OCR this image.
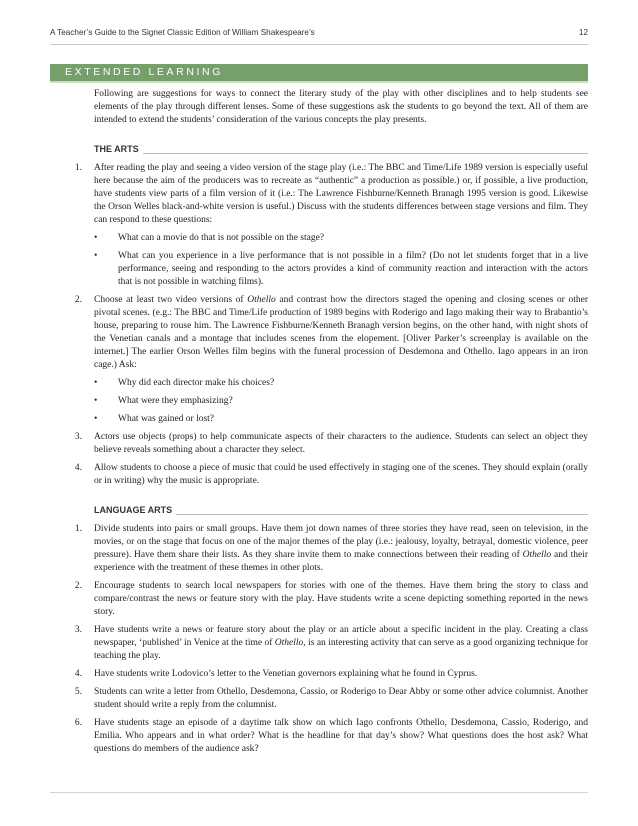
A Teacher’s Guide to the Signet Classic Edition of William Shakespeare’s	12
EXTENDED LEARNING

Following are suggestions for ways to connect the literary study of the play with other disciplines and to help students see elements of the play through different lenses. Some of these suggestions ask the students to go beyond the text. All of them are intended to extend the students’ consideration of the various concepts the play presents.

THE ARTS
1.	After reading the play and seeing a video version of the stage play (i.e.: The BBC and Time/Life 1989 version is especially useful here because the aim of the producers was to recreate as “authentic” a production as possible.) or, if possible, a live production, have students view parts of a film version of it (i.e.: The Lawrence Fishburne/Kenneth Branagh 1995 version is good. Likewise the Orson Welles black-and-white version is useful.) Discuss with the students differences between stage versions and film. They can respond to these questions:
•	What can a movie do that is not possible on the stage?
•	What can you experience in a live performance that is not possible in a film? (Do not let students forget that in a live performance, seeing and responding to the actors provides a kind of community reaction and interaction with the actors that is not possible in watching films).
2.	Choose at least two video versions of Othello and contrast how the directors staged the opening and closing scenes or other pivotal scenes. (e.g.: The BBC and Time/Life production of 1989 begins with Roderigo and Iago making their way to Brabantio’s house, preparing to rouse him. The Lawrence Fishburne/Kenneth Branagh version begins, on the other hand, with night shots of the Venetian canals and a montage that includes scenes from the elopement. [Oliver Parker’s screenplay is available on the internet.] The earlier Orson Welles film begins with the funeral procession of Desdemona and Othello. Iago appears in an iron cage.) Ask:
•	Why did each director make his choices?
•	What were they emphasizing?
•	What was gained or lost?
3.	Actors use objects (props) to help communicate aspects of their characters to the audience. Students can select an object they believe reveals something about a character they select.
4.	Allow students to choose a piece of music that could be used effectively in staging one of the scenes. They should explain (orally or in writing) why the music is appropriate.
LANGUAGE ARTS
1.	Divide students into pairs or small groups. Have them jot down names of three stories they have read, seen on television, in the movies, or on the stage that focus on one of the major themes of the play (i.e.: jealousy, loyalty, betrayal, domestic violence, peer pressure). Have them share their lists. As they share invite them to make connections between their reading of Othello and their experience with the treatment of these themes in other plots.
2.	Encourage students to search local newspapers for stories with one of the themes. Have them bring the story to class and compare/contrast the news or feature story with the play. Have students write a scene depicting something reported in the news story.
3.	Have students write a news or feature story about the play or an article about a specific incident in the play. Creating a class newspaper, ‘published’ in Venice at the time of Othello, is an interesting activity that can serve as a good organizing technique for teaching the play.
4.	Have students write Lodovico’s letter to the Venetian governors explaining what he found in Cyprus.
5.	Students can write a letter from Othello, Desdemona, Cassio, or Roderigo to Dear Abby or some other advice columnist. Another student should write a reply from the columnist.
6.	Have students stage an episode of a daytime talk show on which Iago confronts Othello, Desdemona, Cassio, Roderigo, and Emilia. Who appears and in what order? What is the headline for that day’s show? What questions does the host ask? What questions do members of the audience ask?
